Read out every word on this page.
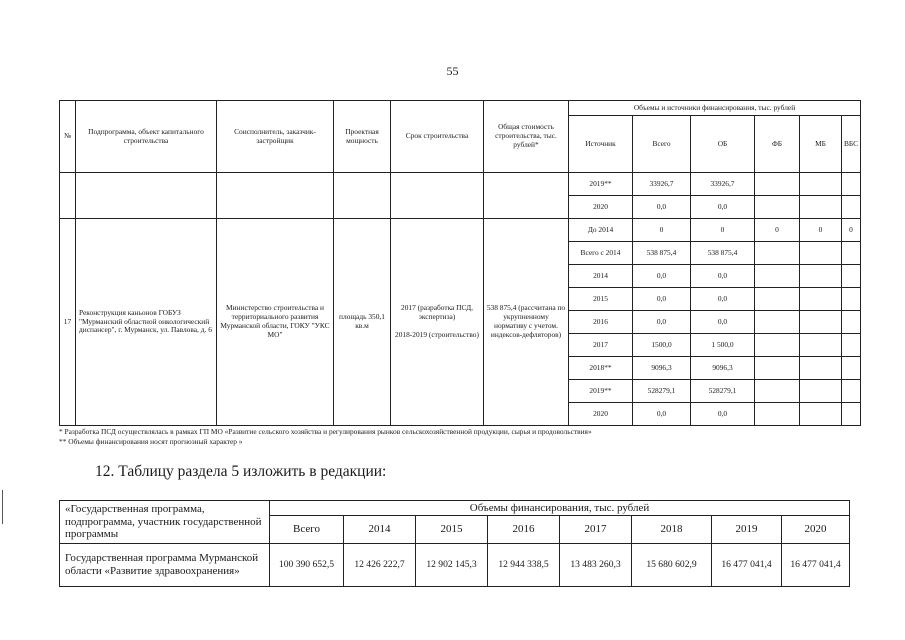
55
№	Подпрограмма, объект капитального строительства	Соисполнитель, заказчик-застройщик	Проектная мощность	Срок строительства	Общая стоимость строительства, тыс. рублей*	Объемы и источники финансирования, тыс. рублей					
						Источник	Всего	ОБ	ФБ	МБ	ВБС
						2019**	33926,7	33926,7			
						2020	0,0	0,0			
17	Реконструкция каньонов ГОБУЗ "Мурманский областной онкологический диспансер", г. Мурманск, ул. Павлова, д. 6	Министерство строительства и территориального развития Мурманской области, ГОКУ "УКС МО"	площадь 350,1 кв.м	2017 (разработка ПСД, экспертиза)
2018-2019 (строительство)	538 875,4 (рассчитана по укрупненному нормативу с учетом. индексов-дефляторов)	До 2014	0	0	0	0	0
						Всего с 2014	538 875,4	538 875,4			
						2014	0,0	0,0			
						2015	0,0	0,0			
						2016	0,0	0,0			
						2017	1500,0	1 500,0			
						2018**	9096,3	9096,3			
						2019**	528279,1	528279,1			
						2020	0,0	0,0			
* Разработка ПСД осуществлялась в рамках ГП МО «Развитие сельского хозяйства и регулирования рынков сельскохозяйственной продукции, сырья и продовольствия»
** Объемы финансирования носят прогнозный характер »
12. Таблицу раздела 5 изложить в редакции:
«Государственная программа, подпрограмма, участник государственной программы	Объемы финансирования, тыс. рублей							
	Всего	2014	2015	2016	2017	2018	2019	2020
Государственная программа Мурманской области «Развитие здравоохранения»	100 390 652,5	12 426 222,7	12 902 145,3	12 944 338,5	13 483 260,3	15 680 602,9	16 477 041,4	16 477 041,4
